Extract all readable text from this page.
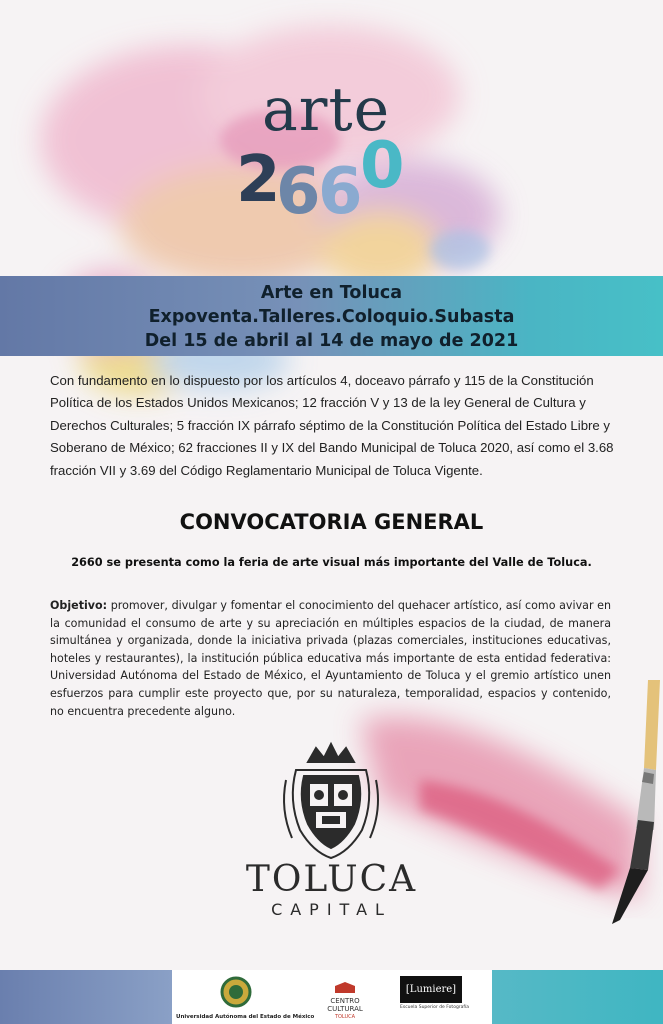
arte
2
6
6
0
Arte en Toluca
Expoventa.Talleres.Coloquio.Subasta
Del 15 de abril al 14 de mayo de 2021
Con fundamento en lo dispuesto por los artículos 4, doceavo párrafo y 115 de la Constitución Política de los Estados Unidos Mexicanos; 12 fracción V y 13 de la ley General de Cultura y Derechos Culturales; 5 fracción IX párrafo séptimo de la Constitución Política del Estado Libre y Soberano de México; 62 fracciones II y IX del Bando Municipal de Toluca 2020, así como el 3.68 fracción VII y 3.69 del Código Reglamentario Municipal de Toluca Vigente.
CONVOCATORIA GENERAL
2660 se presenta como la feria de arte visual más importante del Valle de Toluca.
Objetivo: promover, divulgar y fomentar el conocimiento del quehacer artístico, así como avivar en la comunidad el consumo de arte y su apreciación en múltiples espacios de la ciudad, de manera simultánea y organizada, donde la iniciativa privada (plazas comerciales, instituciones educativas, hoteles y restaurantes), la institución pública educativa más importante de esta entidad federativa: Universidad Autónoma del Estado de México, el Ayuntamiento de Toluca y el gremio artístico unen esfuerzos para cumplir este proyecto que, por su naturaleza, temporalidad, espacios y contenido, no encuentra precedente alguno.
TOLUCA
CAPITAL
Universidad Autónoma del Estado de México
CENTRO
CULTURAL
TOLUCA
[Lumiere]
Escuela Superior de Fotografía
